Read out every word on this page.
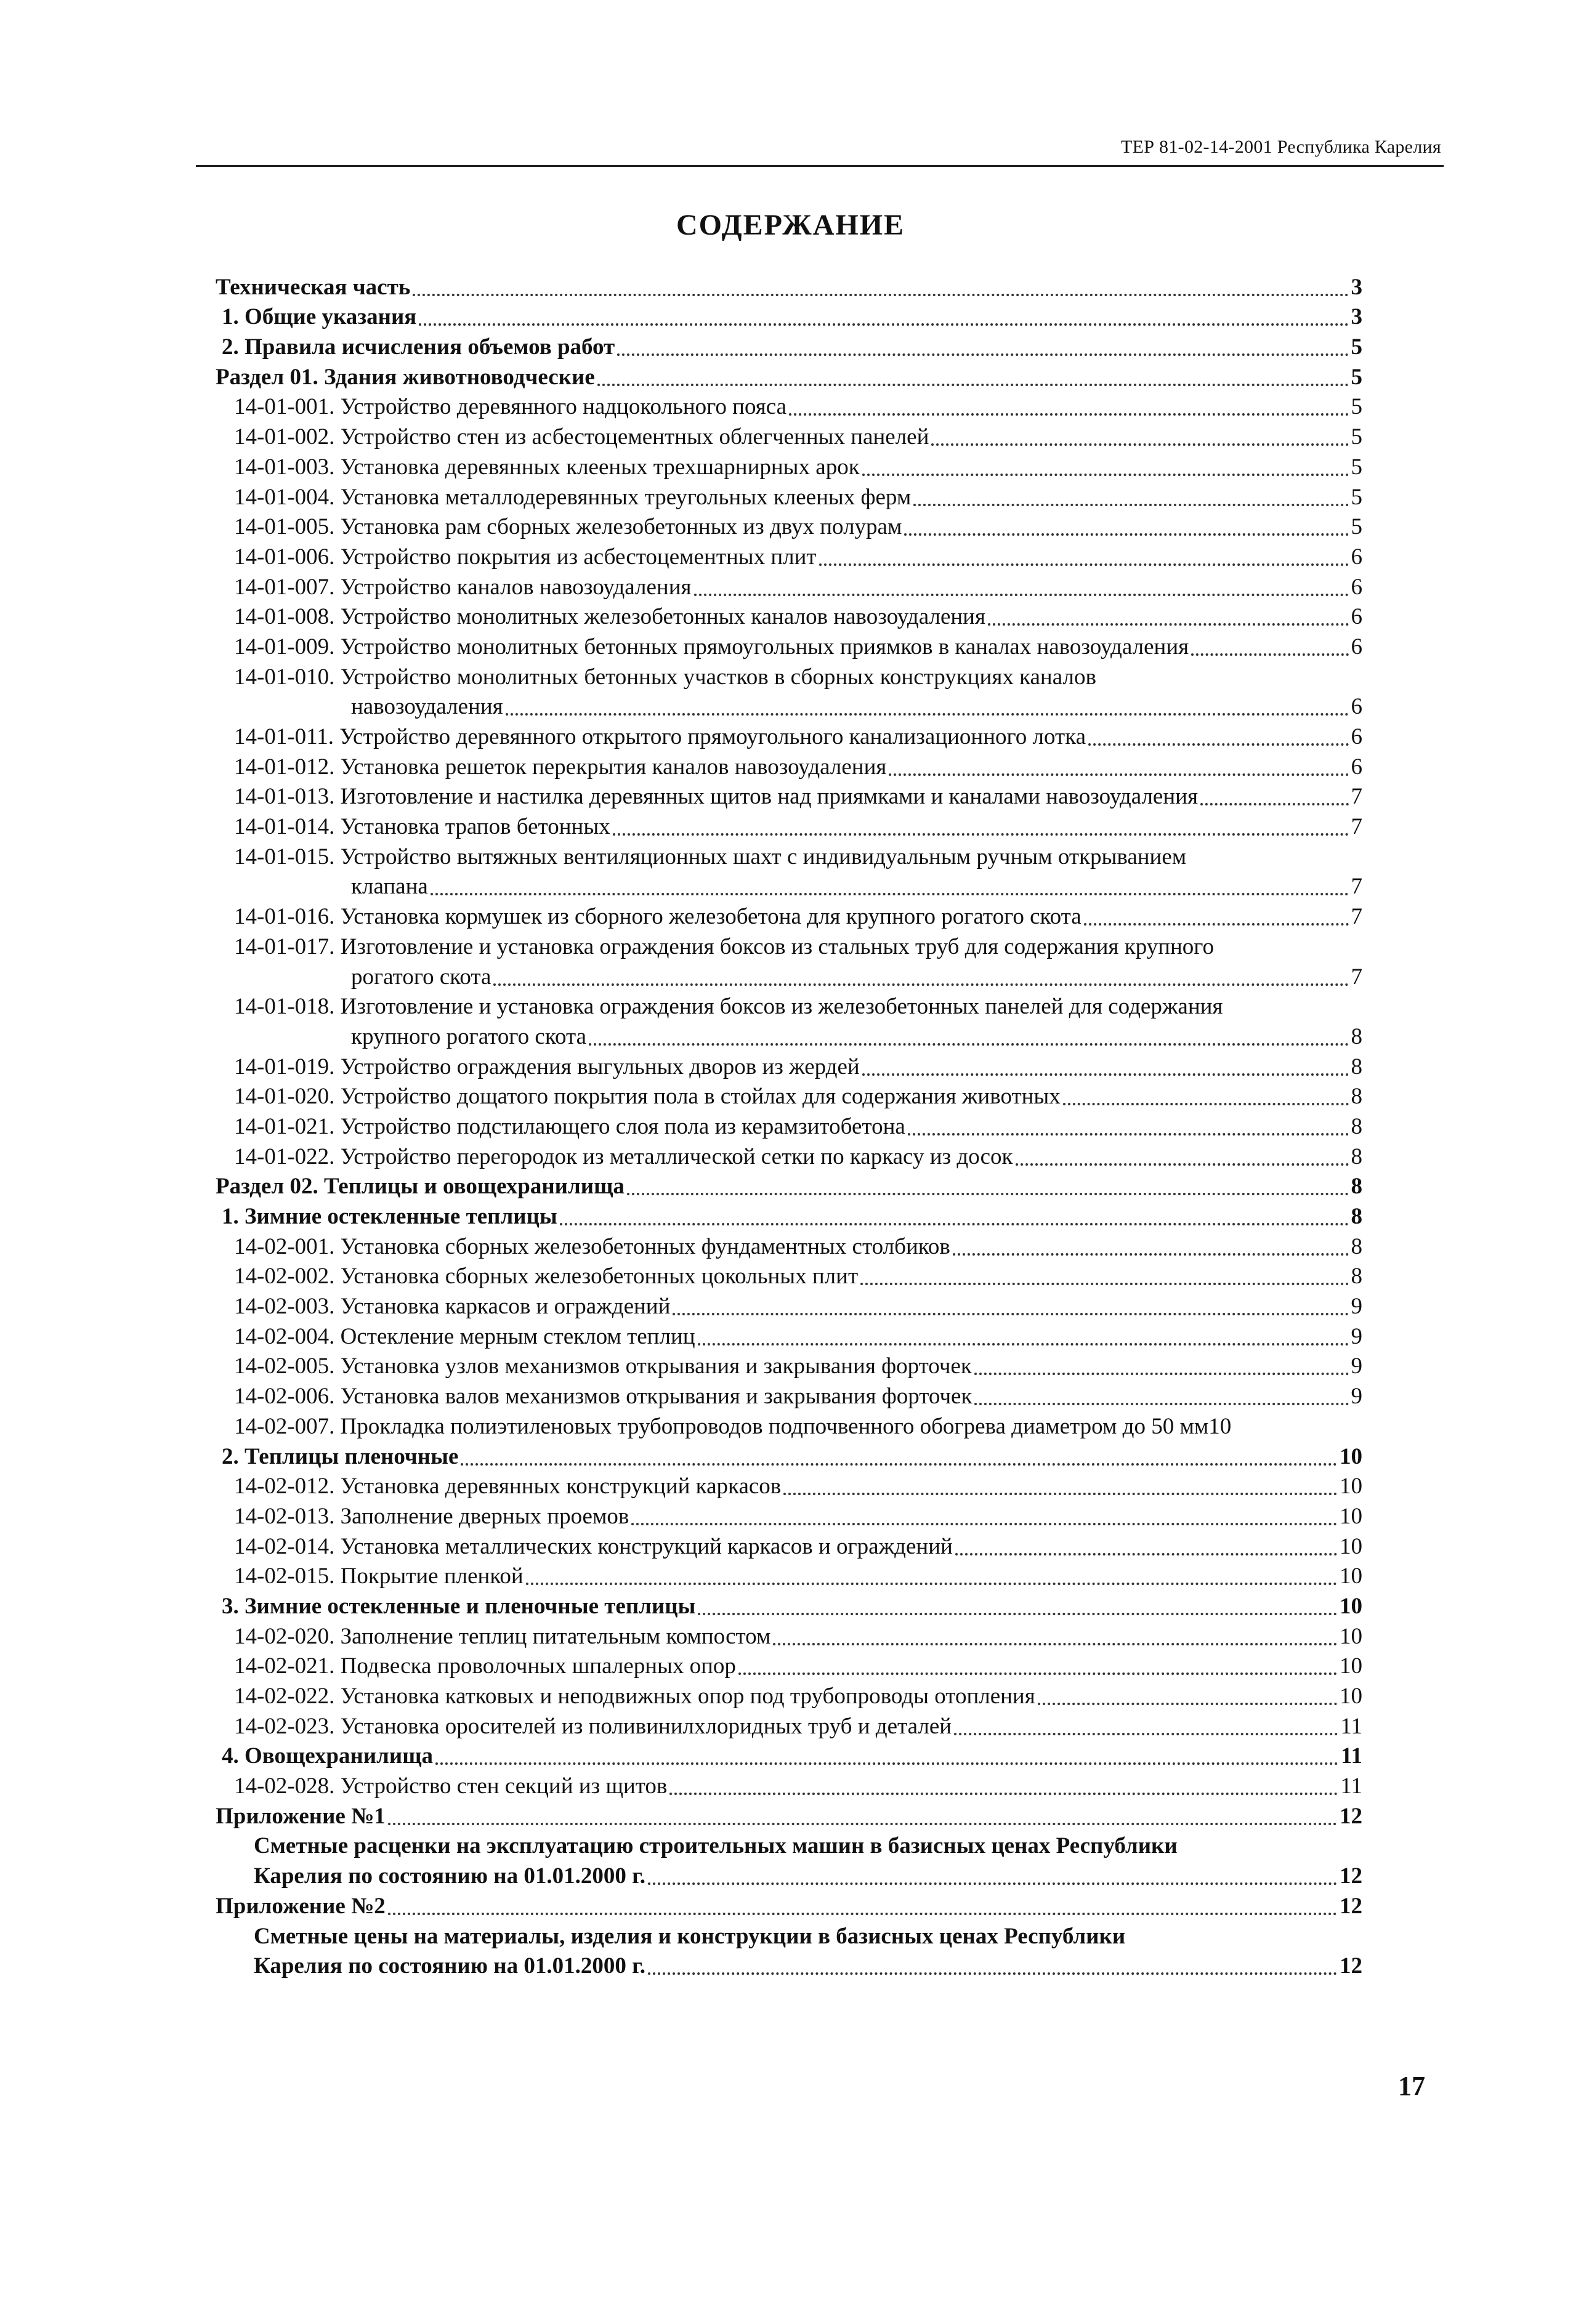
ТЕР 81-02-14-2001 Республика Карелия
СОДЕРЖАНИЕ
Техническая часть	3
1. Общие указания	3
2. Правила исчисления объемов работ	5
Раздел 01. Здания животноводческие	5
14-01-001. Устройство деревянного надцокольного пояса	5
14-01-002. Устройство стен из асбестоцементных облегченных панелей	5
14-01-003. Установка деревянных клееных трехшарнирных арок	5
14-01-004. Установка металлодеревянных треугольных клееных ферм	5
14-01-005. Установка рам сборных железобетонных из двух полурам	5
14-01-006. Устройство покрытия из асбестоцементных плит	6
14-01-007. Устройство каналов навозоудаления	6
14-01-008. Устройство монолитных железобетонных каналов навозоудаления	6
14-01-009. Устройство монолитных бетонных прямоугольных приямков в каналах навозоудаления	6
14-01-010. Устройство монолитных бетонных участков в сборных конструкциях каналов
навозоудаления	6
14-01-011. Устройство деревянного открытого прямоугольного канализационного лотка	6
14-01-012. Установка решеток перекрытия каналов навозоудаления	6
14-01-013. Изготовление и настилка деревянных щитов над приямками и каналами навозоудаления	7
14-01-014. Установка трапов бетонных	7
14-01-015. Устройство вытяжных вентиляционных шахт с индивидуальным ручным открыванием
клапана	7
14-01-016. Установка кормушек из сборного железобетона для крупного рогатого скота	7
14-01-017. Изготовление и установка ограждения боксов из стальных труб для содержания крупного
рогатого скота	7
14-01-018. Изготовление и установка ограждения боксов из железобетонных панелей для содержания
крупного рогатого скота	8
14-01-019. Устройство ограждения выгульных дворов из жердей	8
14-01-020. Устройство дощатого покрытия пола в стойлах для содержания животных	8
14-01-021. Устройство подстилающего слоя пола из керамзитобетона	8
14-01-022. Устройство перегородок из металлической сетки по каркасу из досок	8
Раздел 02. Теплицы и овощехранилища	8
1. Зимние остекленные теплицы	8
14-02-001. Установка сборных железобетонных фундаментных столбиков	8
14-02-002. Установка сборных железобетонных цокольных плит	8
14-02-003. Установка каркасов и ограждений	9
14-02-004. Остекление мерным стеклом теплиц	9
14-02-005. Установка узлов механизмов открывания и закрывания форточек	9
14-02-006. Установка валов механизмов открывания и закрывания форточек	9
14-02-007. Прокладка полиэтиленовых трубопроводов подпочвенного обогрева диаметром до 50 мм 10
2. Теплицы пленочные	10
14-02-012. Установка деревянных конструкций каркасов	10
14-02-013. Заполнение дверных проемов	10
14-02-014. Установка металлических конструкций каркасов и ограждений	10
14-02-015. Покрытие пленкой	10
3. Зимние остекленные и пленочные теплицы	10
14-02-020. Заполнение теплиц питательным компостом	10
14-02-021. Подвеска проволочных шпалерных опор	10
14-02-022. Установка катковых и неподвижных опор под трубопроводы отопления	10
14-02-023. Установка оросителей из поливинилхлоридных труб и деталей	11
4. Овощехранилища	11
14-02-028. Устройство стен секций из щитов	11
Приложение №1	12
Сметные расценки на эксплуатацию строительных машин в базисных ценах Республики
Карелия по состоянию на 01.01.2000 г.	12
Приложение №2	12
Сметные цены на материалы, изделия и конструкции в базисных ценах Республики
Карелия по состоянию на 01.01.2000 г.	12
17
